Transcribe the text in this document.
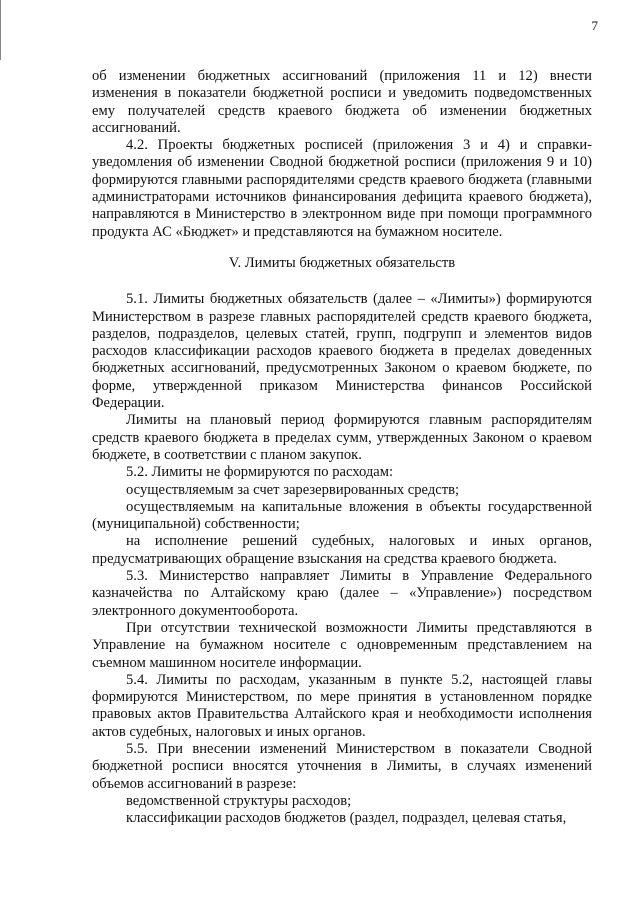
7

об изменении бюджетных ассигнований (приложения 11 и 12) внести изменения в показатели бюджетной росписи и уведомить подведомственных ему получателей средств краевого бюджета об изменении бюджетных ассигнований.

4.2. Проекты бюджетных росписей (приложения 3 и 4) и справки-уведомления об изменении Сводной бюджетной росписи (приложения 9 и 10) формируются главными распорядителями средств краевого бюджета (главными администраторами источников финансирования дефицита краевого бюджета), направляются в Министерство в электронном виде при помощи программного продукта АС «Бюджет» и представляются на бумажном носителе.

V. Лимиты бюджетных обязательств

5.1. Лимиты бюджетных обязательств (далее – «Лимиты») формируются Министерством в разрезе главных распорядителей средств краевого бюджета, разделов, подразделов, целевых статей, групп, подгрупп и элементов видов расходов классификации расходов краевого бюджета в пределах доведенных бюджетных ассигнований, предусмотренных Законом о краевом бюджете, по форме, утвержденной приказом Министерства финансов Российской Федерации.

Лимиты на плановый период формируются главным распорядителям средств краевого бюджета в пределах сумм, утвержденных Законом о краевом бюджете, в соответствии с планом закупок.

5.2. Лимиты не формируются по расходам:

осуществляемым за счет зарезервированных средств;

осуществляемым на капитальные вложения в объекты государственной (муниципальной) собственности;

на исполнение решений судебных, налоговых и иных органов, предусматривающих обращение взыскания на средства краевого бюджета.

5.3. Министерство направляет Лимиты в Управление Федерального казначейства по Алтайскому краю (далее – «Управление») посредством электронного документооборота.

При отсутствии технической возможности Лимиты представляются в Управление на бумажном носителе с одновременным представлением на съемном машинном носителе информации.

5.4. Лимиты по расходам, указанным в пункте 5.2, настоящей главы формируются Министерством, по мере принятия в установленном порядке правовых актов Правительства Алтайского края и необходимости исполнения актов судебных, налоговых и иных органов.

5.5. При внесении изменений Министерством в показатели Сводной бюджетной росписи вносятся уточнения в Лимиты, в случаях изменений объемов ассигнований в разрезе:

ведомственной структуры расходов;

классификации расходов бюджетов (раздел, подраздел, целевая статья,
